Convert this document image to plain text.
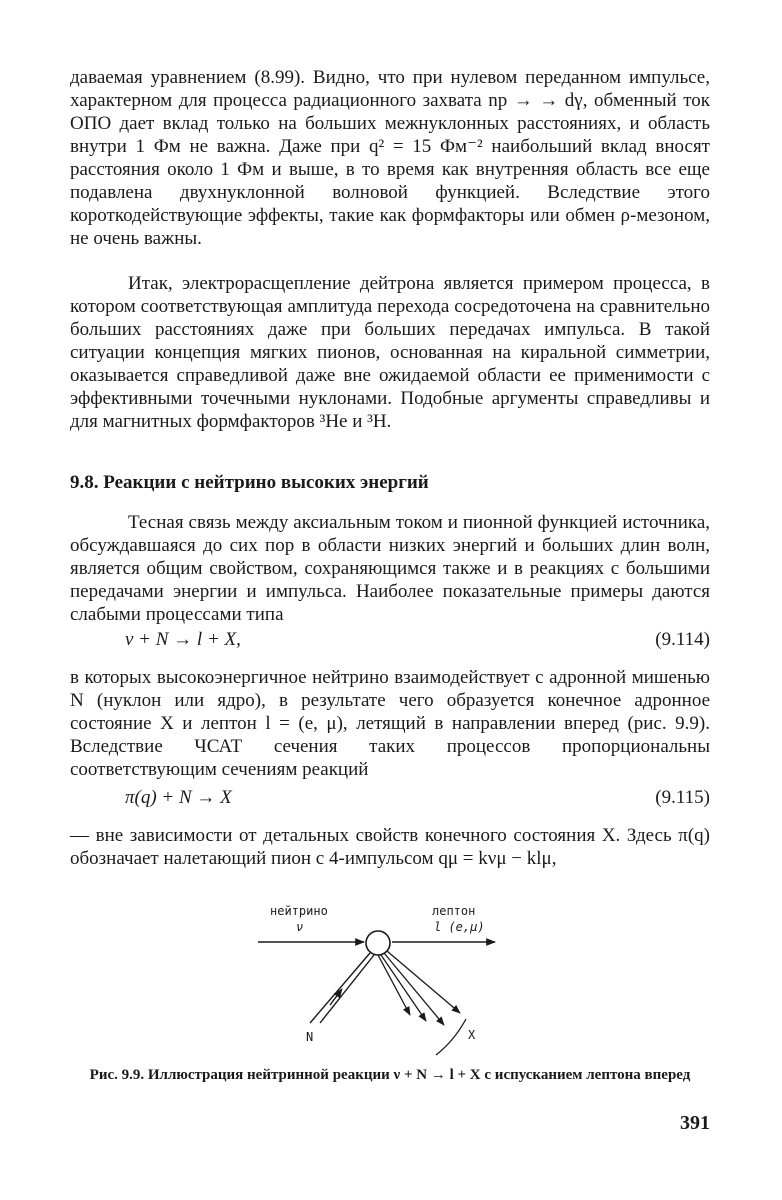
даваемая уравнением (8.99). Видно, что при нулевом переданном импульсе, характерном для процесса радиационного захвата np → → dγ, обменный ток ОПО дает вклад только на больших межнуклонных расстояниях, и область внутри 1 Фм не важна. Даже при q² = 15 Фм⁻² наибольший вклад вносят расстояния около 1 Фм и выше, в то время как внутренняя область все еще подавлена двухнуклонной волновой функцией. Вследствие этого короткодействующие эффекты, такие как формфакторы или обмен ρ-мезоном, не очень важны.

Итак, электрорасщепление дейтрона является примером процесса, в котором соответствующая амплитуда перехода сосредоточена на сравнительно больших расстояниях даже при больших передачах импульса. В такой ситуации концепция мягких пионов, основанная на киральной симметрии, оказывается справедливой даже вне ожидаемой области ее применимости с эффективными точечными нуклонами. Подобные аргументы справедливы и для магнитных формфакторов ³He и ³H.

9.8. Реакции с нейтрино высоких энергий

Тесная связь между аксиальным током и пионной функцией источника, обсуждавшаяся до сих пор в области низких энергий и больших длин волн, является общим свойством, сохраняющимся также и в реакциях с большими передачами энергии и импульса. Наиболее показательные примеры даются слабыми процессами типа

ν + N → l + X,	(9.114)

в которых высокоэнергичное нейтрино взаимодействует с адронной мишенью N (нуклон или ядро), в результате чего образуется конечное адронное состояние X и лептон l = (e, μ), летящий в направлении вперед (рис. 9.9). Вследствие ЧСАТ сечения таких процессов пропорциональны соответствующим сечениям реакций

π(q) + N → X	(9.115)

— вне зависимости от детальных свойств конечного состояния X. Здесь π(q) обозначает налетающий пион с 4-импульсом qμ = kνμ − klμ,

нейтрино
ν
лептон
l (e,μ)
N	X
Рис. 9.9. Иллюстрация нейтринной реакции ν + N → l + X с испусканием лептона вперед
391
